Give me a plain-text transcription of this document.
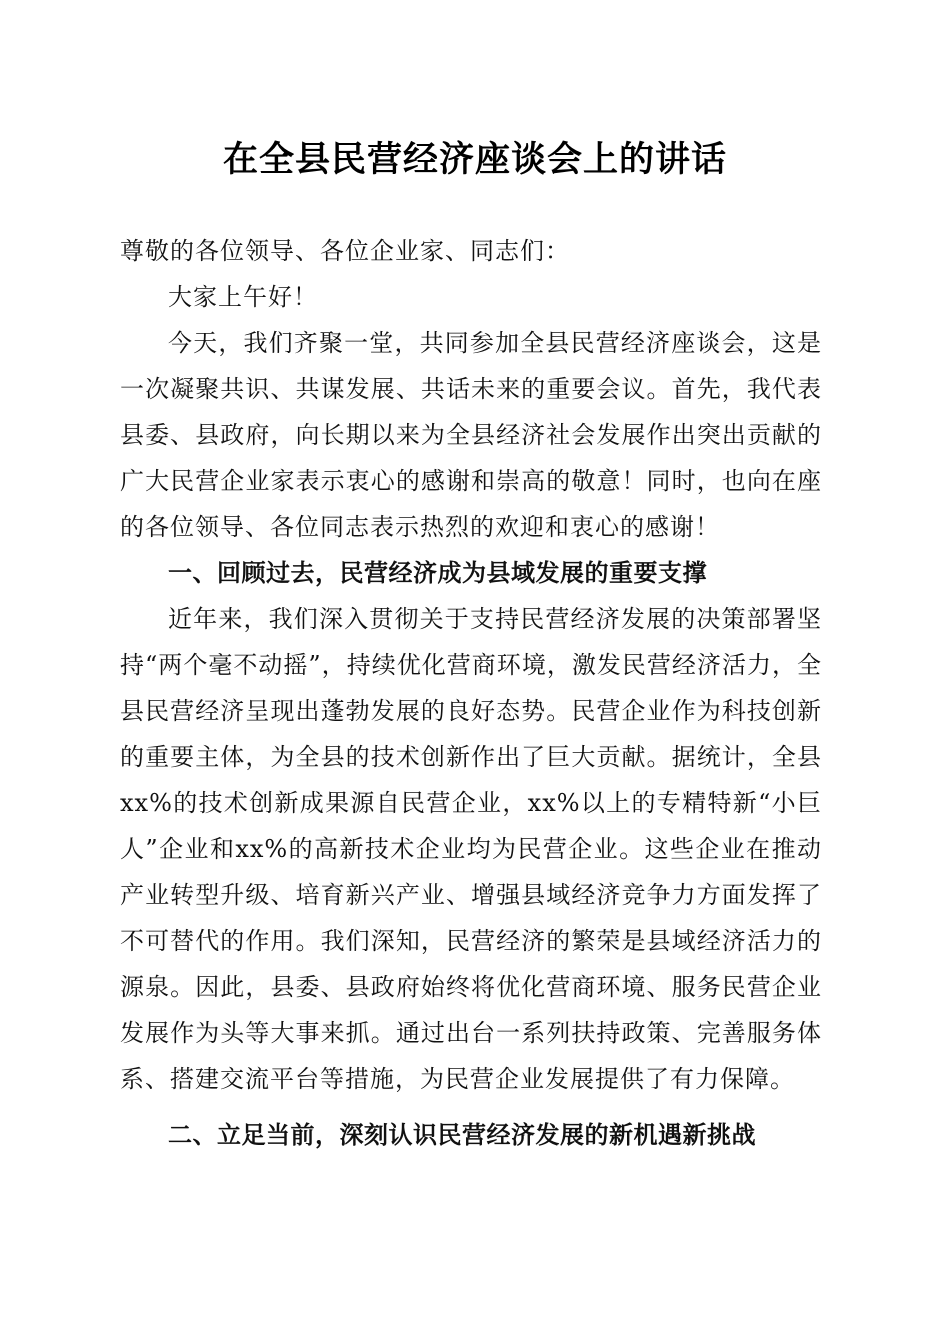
在全县民营经济座谈会上的讲话

尊敬的各位领导、各位企业家、同志们：

大家上午好！

今天，我们齐聚一堂，共同参加全县民营经济座谈会，这是一次凝聚共识、共谋发展、共话未来的重要会议。首先，我代表县委、县政府，向长期以来为全县经济社会发展作出突出贡献的广大民营企业家表示衷心的感谢和崇高的敬意！同时，也向在座的各位领导、各位同志表示热烈的欢迎和衷心的感谢！

一、回顾过去，民营经济成为县域发展的重要支撑

近年来，我们深入贯彻关于支持民营经济发展的决策部署坚持“两个毫不动摇”，持续优化营商环境，激发民营经济活力，全县民营经济呈现出蓬勃发展的良好态势。民营企业作为科技创新的重要主体，为全县的技术创新作出了巨大贡献。据统计，全县xx%的技术创新成果源自民营企业，xx%以上的专精特新“小巨人”企业和xx%的高新技术企业均为民营企业。这些企业在推动产业转型升级、培育新兴产业、增强县域经济竞争力方面发挥了不可替代的作用。我们深知，民营经济的繁荣是县域经济活力的源泉。因此，县委、县政府始终将优化营商环境、服务民营企业发展作为头等大事来抓。通过出台一系列扶持政策、完善服务体系、搭建交流平台等措施，为民营企业发展提供了有力保障。

二、立足当前，深刻认识民营经济发展的新机遇新挑战
